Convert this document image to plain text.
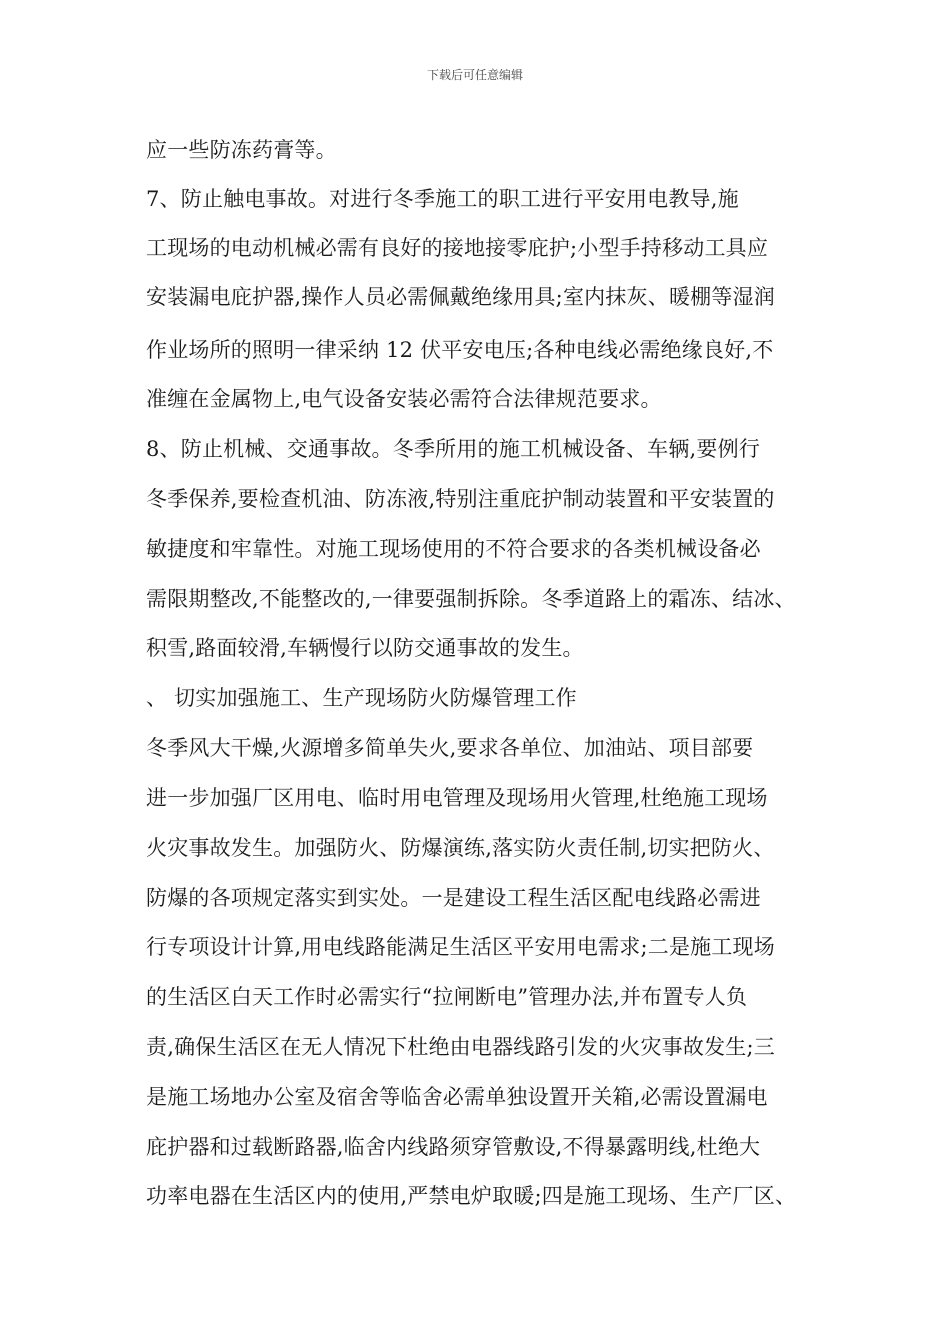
下载后可任意编辑
应一些防冻药膏等。
7、防止触电事故。对进行冬季施工的职工进行平安用电教导,施
工现场的电动机械必需有良好的接地接零庇护;小型手持移动工具应
安装漏电庇护器,操作人员必需佩戴绝缘用具;室内抹灰、暖棚等湿润
作业场所的照明一律采纳 12 伏平安电压;各种电线必需绝缘良好,不
准缠在金属物上,电气设备安装必需符合法律规范要求。
8、防止机械、交通事故。冬季所用的施工机械设备、车辆,要例行
冬季保养,要检查机油、防冻液,特别注重庇护制动装置和平安装置的
敏捷度和牢靠性。对施工现场使用的不符合要求的各类机械设备必
需限期整改,不能整改的,一律要强制拆除。冬季道路上的霜冻、结冰、
积雪,路面较滑,车辆慢行以防交通事故的发生。
、 切实加强施工、生产现场防火防爆管理工作
冬季风大干燥,火源增多简单失火,要求各单位、加油站、项目部要
进一步加强厂区用电、临时用电管理及现场用火管理,杜绝施工现场
火灾事故发生。加强防火、防爆演练,落实防火责任制,切实把防火、
防爆的各项规定落实到实处。一是建设工程生活区配电线路必需进
行专项设计计算,用电线路能满足生活区平安用电需求;二是施工现场
的生活区白天工作时必需实行“拉闸断电”管理办法,并布置专人负
责,确保生活区在无人情况下杜绝由电器线路引发的火灾事故发生;三
是施工场地办公室及宿舍等临舍必需单独设置开关箱,必需设置漏电
庇护器和过载断路器,临舍内线路须穿管敷设,不得暴露明线,杜绝大
功率电器在生活区内的使用,严禁电炉取暖;四是施工现场、生产厂区、
